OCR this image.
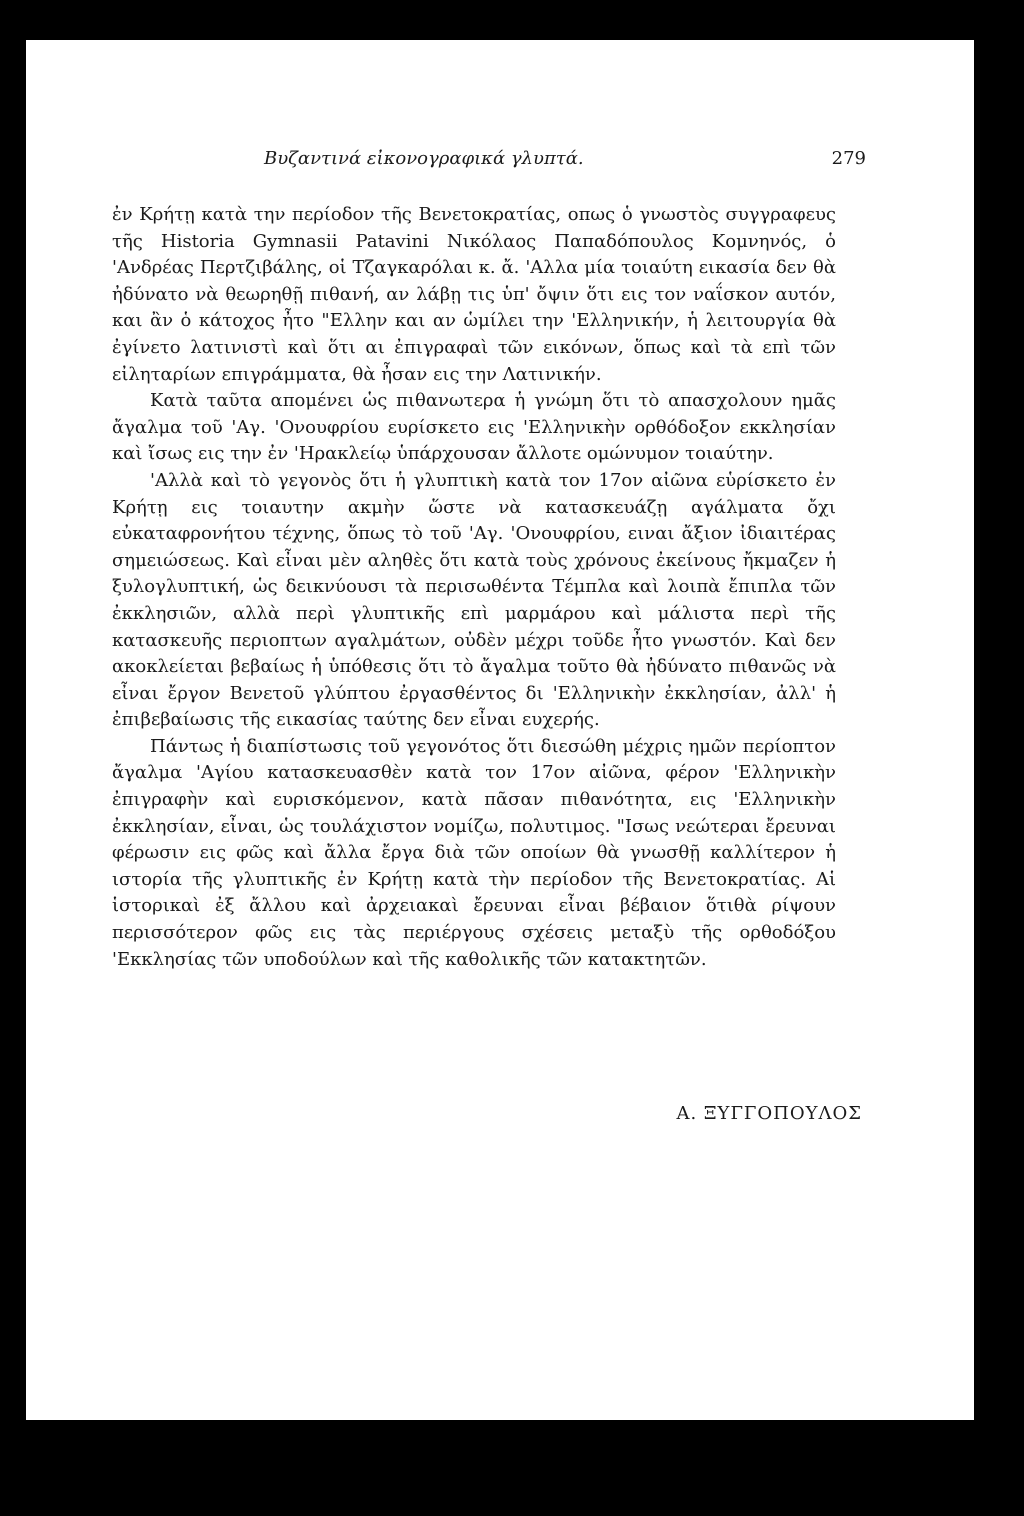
Βυζαντινά εἰκονογραφικά γλυπτά.	279

ἐν Κρήτῃ κατὰ την περίοδον τῆς Βενετοκρατίας, οπως ὁ γνωστὸς συγγραφευς τῆς Historia Gymnasii Patavini Νικόλαος Παπαδόπουλος Κομνηνός, ὁ 'Ανδρέας Περτζιβάλης, οἱ Τζαγκαρόλαι κ. ἄ. 'Αλλα μία τοιαύτη εικασία δεν θὰ ἠδύνατο νὰ θεωρηθῇ πιθανή, αν λάβῃ τις ὑπ' ὄψιν ὅτι εις τον ναΐσκον αυτόν, και ἂν ὁ κάτοχος ἦτο "Ελλην και αν ὡμίλει την 'Ελληνικήν, ἡ λειτουργία θὰ ἐγίνετο λατινιστὶ καὶ ὅτι αι ἐπιγραφαὶ τῶν εικόνων, ὅπως καὶ τὰ επὶ τῶν εἰληταρίων επιγράμματα, θὰ ἦσαν εις την Λατινικήν.

Κατὰ ταῦτα απομένει ὡς πιθανωτερα ἡ γνώμη ὅτι τὸ απασχολουν ημᾶς ἄγαλμα τοῦ 'Αγ. 'Ονουφρίου ευρίσκετο εις 'Ελληνικὴν ορθόδοξον εκκλησίαν καὶ ἴσως εις την ἐν 'Ηρακλείῳ ὑπάρχουσαν ἄλλοτε ομώνυμον τοιαύτην.

'Αλλὰ καὶ τὸ γεγονὸς ὅτι ἡ γλυπτικὴ κατὰ τον 17ον αἰῶνα εὑρίσκετο ἐν Κρήτῃ εις τοιαυτην ακμὴν ὥστε νὰ κατασκευάζῃ αγάλματα ὄχι εὐκαταφρονήτου τέχνης, ὅπως τὸ τοῦ 'Αγ. 'Ονουφρίου, ειναι ἄξιον ἰδιαιτέρας σημειώσεως. Καὶ εἶναι μὲν αληθὲς ὅτι κατὰ τοὺς χρόνους ἐκείνους ἤκμαζεν ἡ ξυλογλυπτική, ὡς δεικνύουσι τὰ περισωθέντα Τέμπλα καὶ λοιπὰ ἔπιπλα τῶν ἐκκλησιῶν, αλλὰ περὶ γλυπτικῆς επὶ μαρμάρου καὶ μάλιστα περὶ τῆς κατασκευῆς περιοπτων αγαλμάτων, οὐδὲν μέχρι τοῦδε ἦτο γνωστόν. Καὶ δεν ακοκλείεται βεβαίως ἡ ὑπόθεσις ὅτι τὸ ἄγαλμα τοῦτο θὰ ἠδύνατο πιθανῶς νὰ εἶναι ἔργον Βενετοῦ γλύπτου ἐργασθέντος δι 'Ελληνικὴν ἐκκλησίαν, ἀλλ' ἡ ἐπιβεβαίωσις τῆς εικασίας ταύτης δεν εἶναι ευχερής.

Πάντως ἡ διαπίστωσις τοῦ γεγονότος ὅτι διεσώθη μέχρις ημῶν περίοπτον ἄγαλμα 'Αγίου κατασκευασθὲν κατὰ τον 17ον αἰῶνα, φέρον 'Ελληνικὴν ἐπιγραφὴν καὶ ευρισκόμενον, κατὰ πᾶσαν πιθανότητα, εις 'Ελληνικὴν ἐκκλησίαν, εἶναι, ὡς τουλάχιστον νομίζω, πολυτιμος. "Ισως νεώτεραι ἔρευναι φέρωσιν εις φῶς καὶ ἄλλα ἔργα διὰ τῶν οποίων θὰ γνωσθῇ καλλίτερον ἡ ιστορία τῆς γλυπτικῆς ἐν Κρήτῃ κατὰ τὴν περίοδον τῆς Βενετοκρατίας. Αἱ ἱστορικαὶ ἐξ ἄλλου καὶ ἀρχειακαὶ ἔρευναι εἶναι βέβαιον ὅτιθὰ ρίψουν περισσότερον φῶς εις τὰς περιέργους σχέσεις μεταξὺ τῆς ορθοδόξου 'Εκκλησίας τῶν υποδούλων καὶ τῆς καθολικῆς τῶν κατακτητῶν.

Α. ΞΥΓΓΟΠΟΥΛΟΣ
